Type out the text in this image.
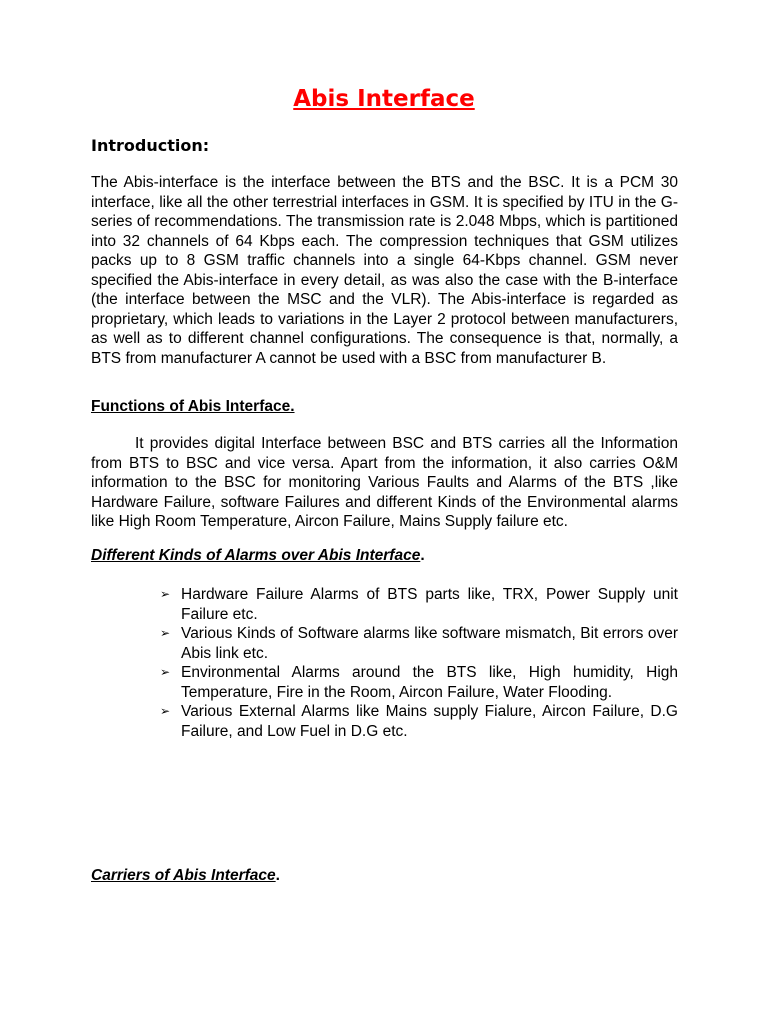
Abis Interface
Introduction:

The Abis-interface is the interface between the BTS and the BSC. It is a PCM 30 interface, like all the other terrestrial interfaces in GSM. It is specified by ITU in the G-series of recommendations. The transmission rate is 2.048 Mbps, which is partitioned into 32 channels of 64 Kbps each. The compression techniques that GSM utilizes packs up to 8 GSM traffic channels into a single 64-Kbps channel. GSM never specified the Abis-interface in every detail, as was also the case with the B-interface (the interface between the MSC and the VLR). The Abis-interface is regarded as proprietary, which leads to variations in the Layer 2 protocol between manufacturers, as well as to different channel configurations. The consequence is that, normally, a BTS from manufacturer A cannot be used with a BSC from manufacturer B.

Functions of Abis Interface.

It provides digital Interface between BSC and BTS carries all the Information from BTS to BSC and vice versa. Apart from the information, it also carries O&M information to the BSC for monitoring Various Faults and Alarms of the BTS ,like Hardware Failure, software Failures and different Kinds of the Environmental alarms like High Room Temperature, Aircon Failure, Mains Supply failure etc.

Different Kinds of Alarms over Abis Interface.
➢ Hardware Failure Alarms of BTS parts like, TRX, Power Supply unit Failure etc.
➢ Various Kinds of Software alarms like software mismatch, Bit errors over Abis link etc.
➢ Environmental Alarms around the BTS like, High humidity, High Temperature, Fire in the Room, Aircon Failure, Water Flooding.
➢ Various External Alarms like Mains supply Fialure, Aircon Failure, D.G Failure, and Low Fuel in D.G etc.
Carriers of Abis Interface.
